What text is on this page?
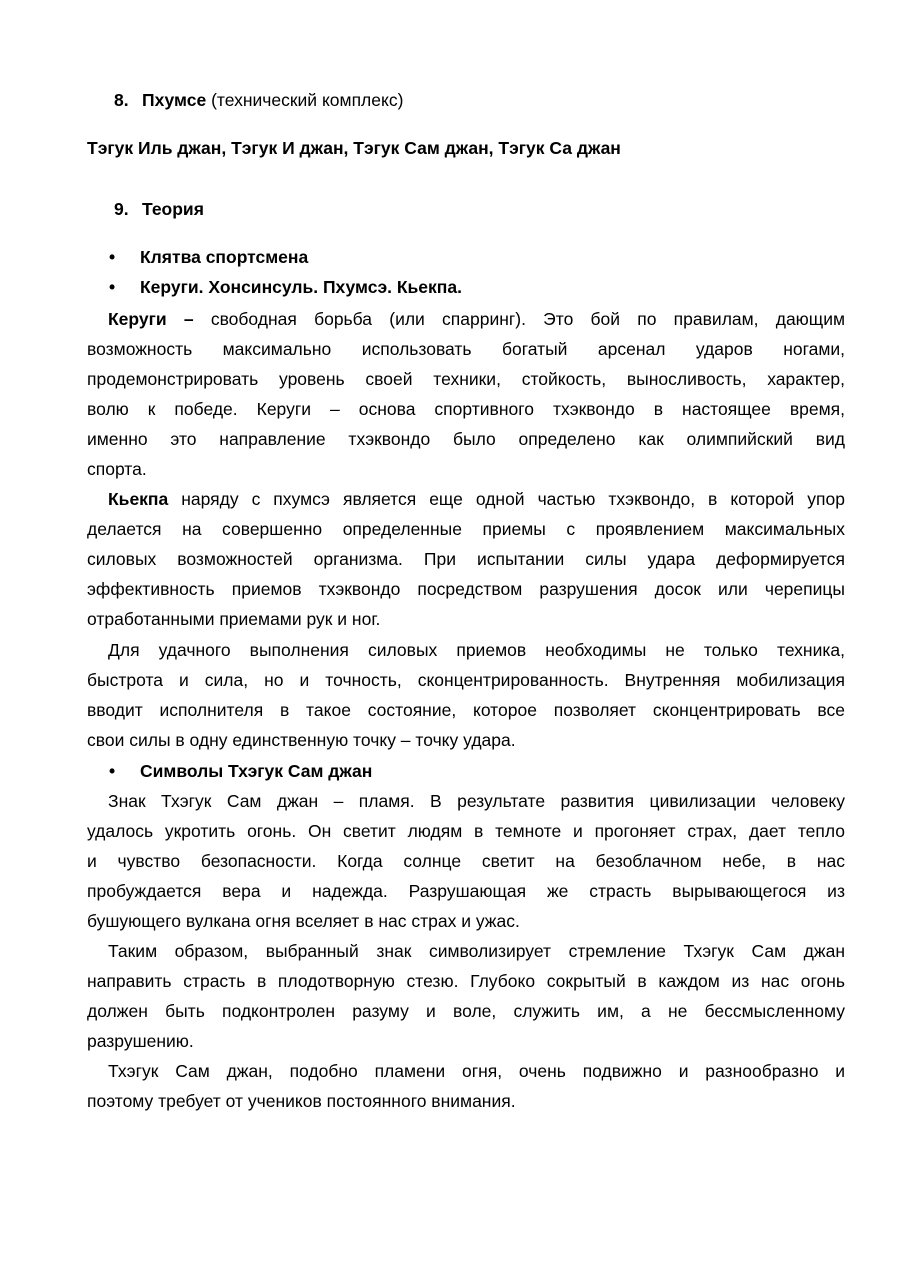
8. Пхумсе (технический комплекс)
Тэгук Иль джан, Тэгук И джан, Тэгук Сам джан, Тэгук Са джан
9. Теория
• Клятва спортсмена
• Керуги. Хонсинсуль. Пхумсэ. Кьекпа.
Керуги – свободная борьба (или спарринг). Это бой по правилам, дающим
возможность максимально использовать богатый арсенал ударов ногами,
продемонстрировать уровень своей техники, стойкость, выносливость, характер,
волю к победе. Керуги – основа спортивного тхэквондо в настоящее время,
именно это направление тхэквондо было определено как олимпийский вид
спорта.
Кьекпа наряду с пхумсэ является еще одной частью тхэквондо, в которой упор
делается на совершенно определенные приемы с проявлением максимальных
силовых возможностей организма. При испытании силы удара деформируется
эффективность приемов тхэквондо посредством разрушения досок или черепицы
отработанными приемами рук и ног.
Для удачного выполнения силовых приемов необходимы не только техника,
быстрота и сила, но и точность, сконцентрированность. Внутренняя мобилизация
вводит исполнителя в такое состояние, которое позволяет сконцентрировать все
свои силы в одну единственную точку – точку удара.
• Символы Тхэгук Сам джан
Знак Тхэгук Сам джан – пламя. В результате развития цивилизации человеку
удалось укротить огонь. Он светит людям в темноте и прогоняет страх, дает тепло
и чувство безопасности. Когда солнце светит на безоблачном небе, в нас
пробуждается вера и надежда. Разрушающая же страсть вырывающегося из
бушующего вулкана огня вселяет в нас страх и ужас.
Таким образом, выбранный знак символизирует стремление Тхэгук Сам джан
направить страсть в плодотворную стезю. Глубоко сокрытый в каждом из нас огонь
должен быть подконтролен разуму и воле, служить им, а не бессмысленному
разрушению.
Тхэгук Сам джан, подобно пламени огня, очень подвижно и разнообразно и
поэтому требует от учеников постоянного внимания.
